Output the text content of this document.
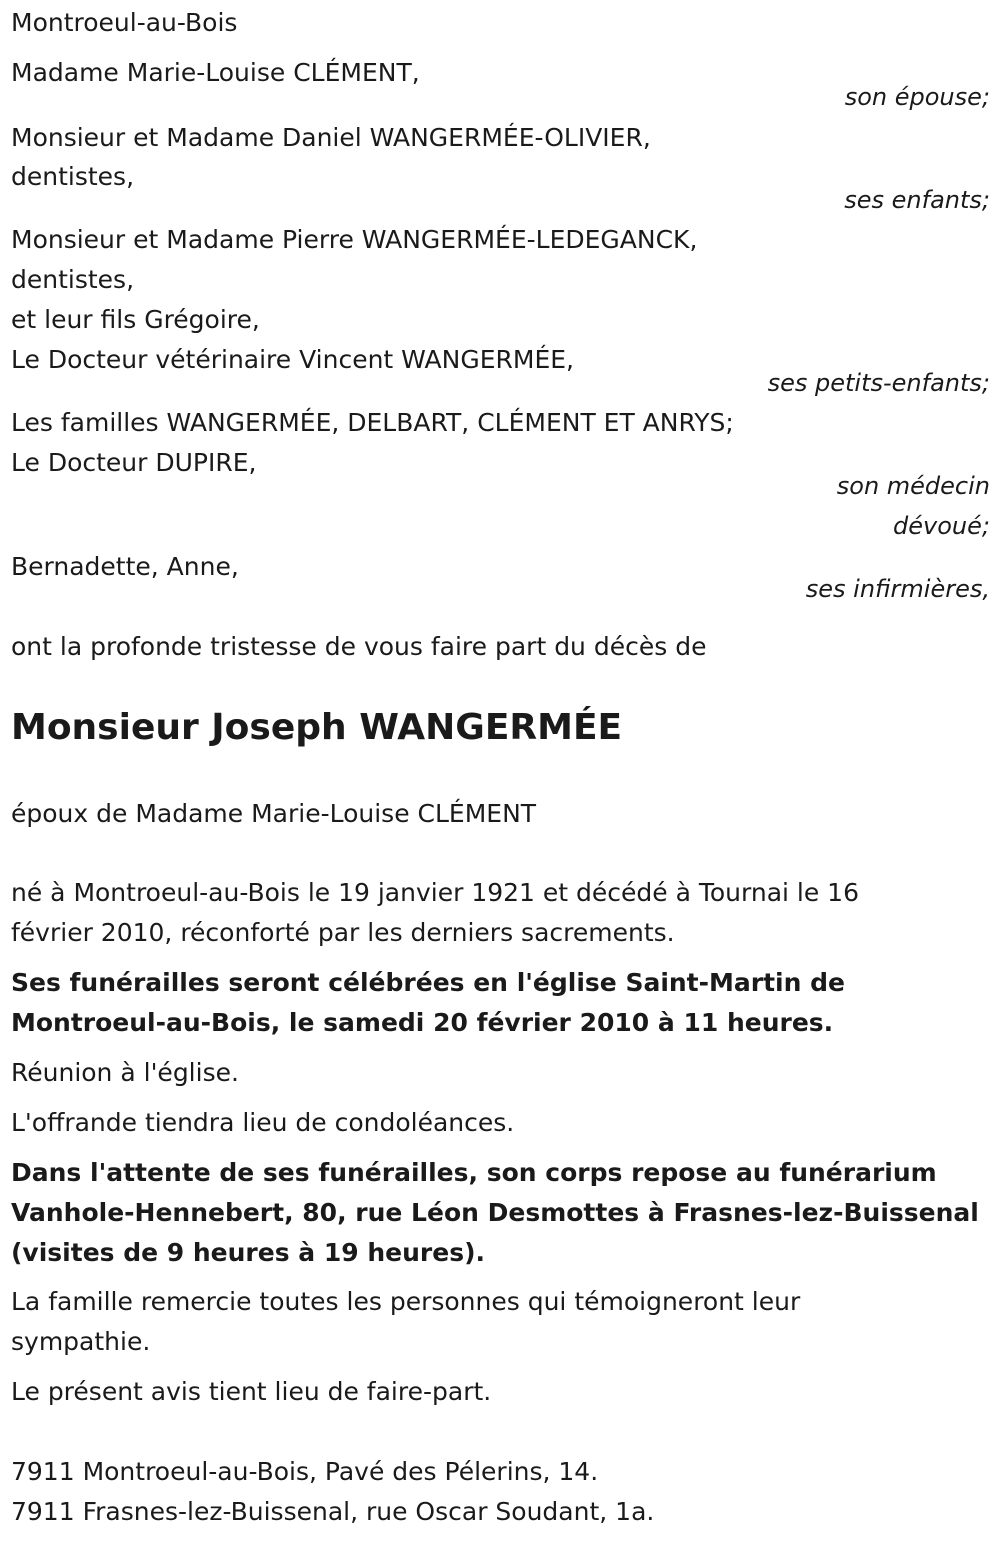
Montroeul-au-Bois
Madame Marie-Louise CLÉMENT,
son épouse;
Monsieur et Madame Daniel WANGERMÉE-OLIVIER,
dentistes,
ses enfants;
Monsieur et Madame Pierre WANGERMÉE-LEDEGANCK,
dentistes,
et leur fils Grégoire,
Le Docteur vétérinaire Vincent WANGERMÉE,
ses petits-enfants;
Les familles WANGERMÉE, DELBART, CLÉMENT ET ANRYS;
Le Docteur DUPIRE,
son médecin
dévoué;
Bernadette, Anne,
ses infirmières,
ont la profonde tristesse de vous faire part du décès de
Monsieur Joseph WANGERMÉE
époux de Madame Marie-Louise CLÉMENT
né à Montroeul-au-Bois le 19 janvier 1921 et décédé à Tournai le 16
février 2010, réconforté par les derniers sacrements.
Ses funérailles seront célébrées en l'église Saint-Martin de
Montroeul-au-Bois, le samedi 20 février 2010 à 11 heures.
Réunion à l'église.
L'offrande tiendra lieu de condoléances.
Dans l'attente de ses funérailles, son corps repose au funérarium
Vanhole-Hennebert, 80, rue Léon Desmottes à Frasnes-lez-Buissenal
(visites de 9 heures à 19 heures).
La famille remercie toutes les personnes qui témoigneront leur
sympathie.
Le présent avis tient lieu de faire-part.
7911 Montroeul-au-Bois, Pavé des Pélerins, 14.
7911 Frasnes-lez-Buissenal, rue Oscar Soudant, 1a.
